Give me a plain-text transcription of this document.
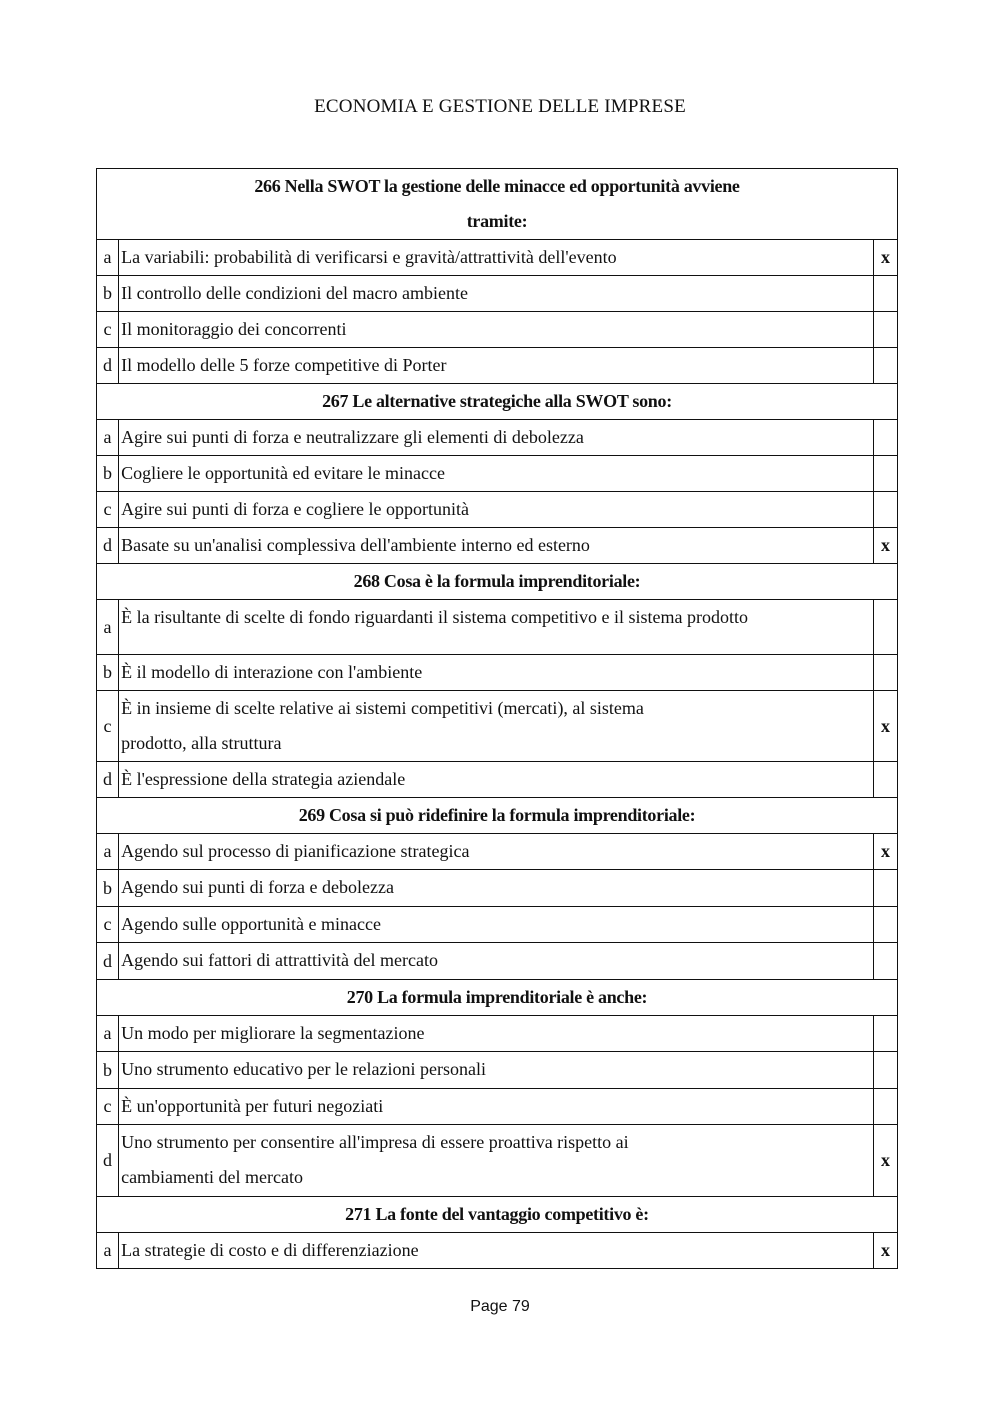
ECONOMIA E GESTIONE DELLE IMPRESE
266 Nella SWOT la gestione delle minacce ed opportunità avviene tramite:		
a	La variabili: probabilità di verificarsi e gravità/attrattività dell'evento	x
b	Il controllo delle condizioni del macro ambiente	
c	Il monitoraggio dei concorrenti	
d	Il modello delle 5 forze competitive di Porter	
267 Le alternative strategiche alla SWOT sono:		
a	Agire sui punti di forza e neutralizzare gli elementi di debolezza	
b	Cogliere le opportunità ed evitare le minacce	
c	Agire sui punti di forza e cogliere le opportunità	
d	Basate su un'analisi complessiva dell'ambiente interno ed esterno	x
268 Cosa è la formula imprenditoriale:		
a	È la risultante di scelte di fondo riguardanti il sistema competitivo e il sistema prodotto	
b	È il modello di interazione con l'ambiente	
c	È in insieme di scelte relative ai sistemi competitivi (mercati), al sistema prodotto, alla struttura	x
d	È l'espressione della strategia aziendale	
269 Cosa si può ridefinire la formula imprenditoriale:		
a	Agendo sul processo di pianificazione strategica	x
b	Agendo sui punti di forza e debolezza	
c	Agendo sulle opportunità e minacce	
d	Agendo sui fattori di attrattività del mercato	
270 La formula imprenditoriale è anche:		
a	Un modo per migliorare la segmentazione	
b	Uno strumento educativo per le relazioni personali	
c	È un'opportunità per futuri negoziati	
d	Uno strumento per consentire all'impresa di essere proattiva rispetto ai cambiamenti del mercato	x
271 La fonte del vantaggio competitivo è:		
a	La strategie di costo e di differenziazione	x
Page 79
